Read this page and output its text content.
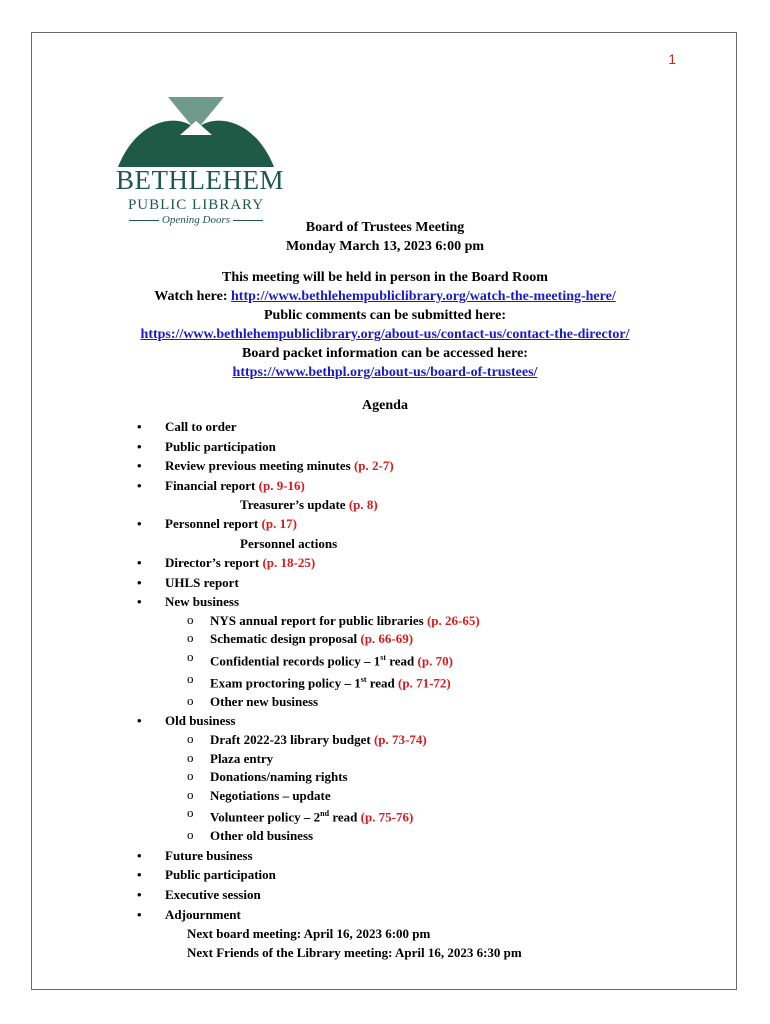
1
BETHLEHEM
PUBLIC LIBRARY
Opening Doors	Board of Trustees Meeting
Monday March 13, 2023 6:00 pm
This meeting will be held in person in the Board Room
Watch here: http://www.bethlehempubliclibrary.org/watch-the-meeting-here/
Public comments can be submitted here:
https://www.bethlehempubliclibrary.org/about-us/contact-us/contact-the-director/
Board packet information can be accessed here:
https://www.bethpl.org/about-us/board-of-trustees/
Agenda
• Call to order
• Public participation
• Review previous meeting minutes (p. 2-7)
• Financial report (p. 9-16)
Treasurer’s update (p. 8)
• Personnel report (p. 17)
Personnel actions
• Director’s report (p. 18-25)
• UHLS report
• New business
o NYS annual report for public libraries (p. 26-65)
o Schematic design proposal (p. 66-69)
o Confidential records policy – 1st read (p. 70)
o Exam proctoring policy – 1st read (p. 71-72)
o Other new business
• Old business
o Draft 2022-23 library budget (p. 73-74)
o Plaza entry
o Donations/naming rights
o Negotiations – update
o Volunteer policy – 2nd read (p. 75-76)
o Other old business
• Future business
• Public participation
• Executive session
• Adjournment
Next board meeting: April 16, 2023 6:00 pm
Next Friends of the Library meeting: April 16, 2023 6:30 pm
